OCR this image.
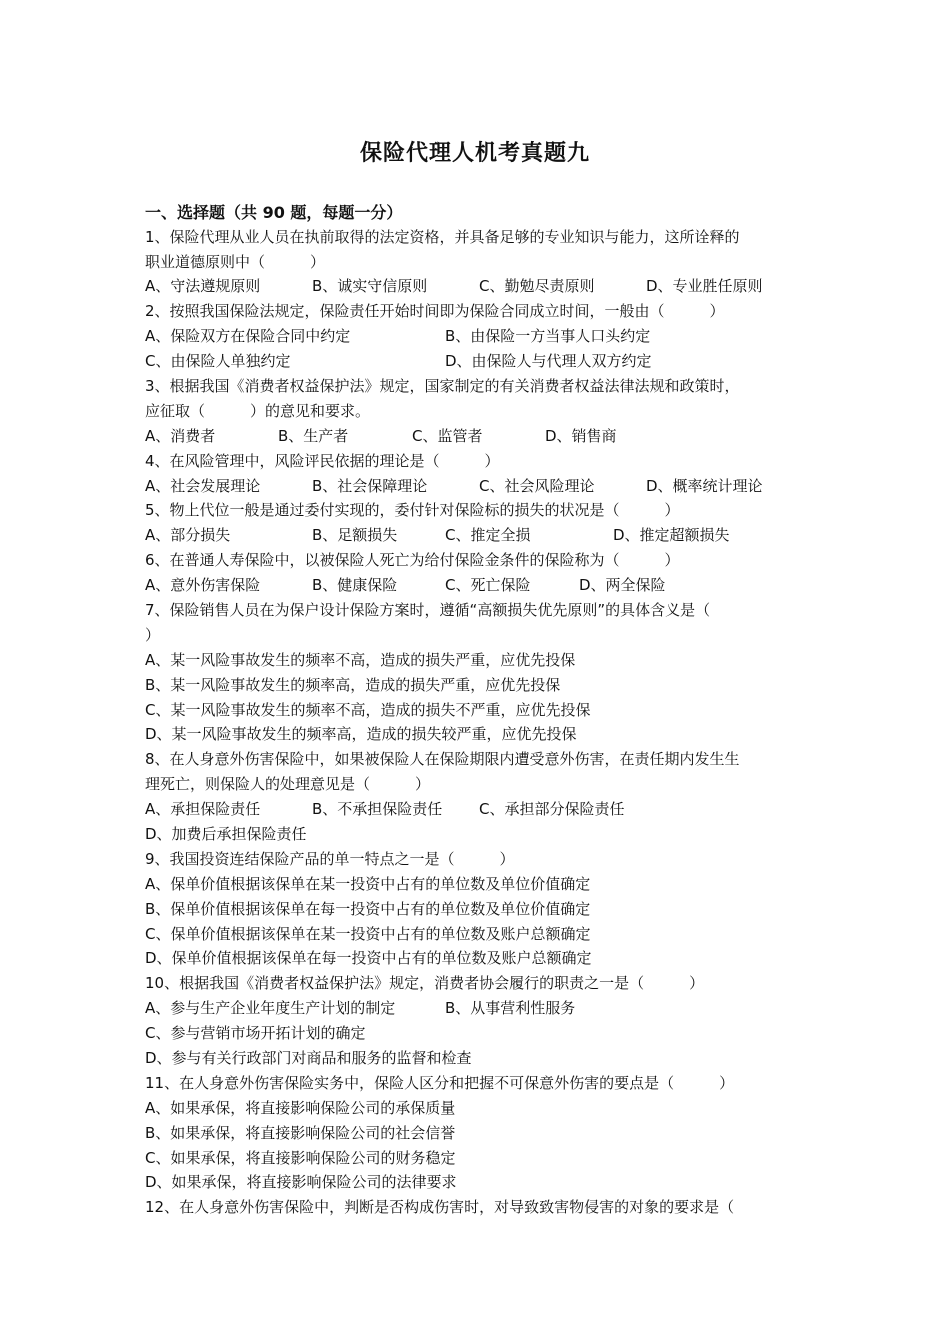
保险代理人机考真题九
一、选择题（共 90 题，每题一分）
1、保险代理从业人员在执前取得的法定资格，并具备足够的专业知识与能力，这所诠释的
职业道德原则中（　　　）
A、守法遵规原则	B、诚实守信原则	C、勤勉尽责原则	D、专业胜任原则
2、按照我国保险法规定，保险责任开始时间即为保险合同成立时间，一般由（　　　）
A、保险双方在保险合同中约定	B、由保险一方当事人口头约定
C、由保险人单独约定	D、由保险人与代理人双方约定
3、根据我国《消费者权益保护法》规定，国家制定的有关消费者权益法律法规和政策时，
应征取（　　　）的意见和要求。
A、消费者	B、生产者	C、监管者	D、销售商
4、在风险管理中，风险评民依据的理论是（　　　）
A、社会发展理论	B、社会保障理论	C、社会风险理论	D、概率统计理论
5、物上代位一般是通过委付实现的，委付针对保险标的损失的状况是（　　　）
A、部分损失	B、足额损失	C、推定全损	D、推定超额损失
6、在普通人寿保险中，以被保险人死亡为给付保险金条件的保险称为（　　　）
A、意外伤害保险	B、健康保险	C、死亡保险	D、两全保险
7、保险销售人员在为保户设计保险方案时，遵循“高额损失优先原则”的具体含义是（
）
A、某一风险事故发生的频率不高，造成的损失严重，应优先投保
B、某一风险事故发生的频率高，造成的损失严重，应优先投保
C、某一风险事故发生的频率不高，造成的损失不严重，应优先投保
D、某一风险事故发生的频率高，造成的损失较严重，应优先投保
8、在人身意外伤害保险中，如果被保险人在保险期限内遭受意外伤害，在责任期内发生生
理死亡，则保险人的处理意见是（　　　）
A、承担保险责任	B、不承担保险责任 C、承担部分保险责任
D、加费后承担保险责任
9、我国投资连结保险产品的单一特点之一是（　　　）
A、保单价值根据该保单在某一投资中占有的单位数及单位价值确定
B、保单价值根据该保单在每一投资中占有的单位数及单位价值确定
C、保单价值根据该保单在某一投资中占有的单位数及账户总额确定
D、保单价值根据该保单在每一投资中占有的单位数及账户总额确定
10、根据我国《消费者权益保护法》规定，消费者协会履行的职责之一是（　　　）
A、参与生产企业年度生产计划的制定	B、从事营利性服务
C、参与营销市场开拓计划的确定
D、参与有关行政部门对商品和服务的监督和检查
11、在人身意外伤害保险实务中，保险人区分和把握不可保意外伤害的要点是（　　　）
A、如果承保，将直接影响保险公司的承保质量
B、如果承保，将直接影响保险公司的社会信誉
C、如果承保，将直接影响保险公司的财务稳定
D、如果承保，将直接影响保险公司的法律要求
12、在人身意外伤害保险中，判断是否构成伤害时，对导致致害物侵害的对象的要求是（
